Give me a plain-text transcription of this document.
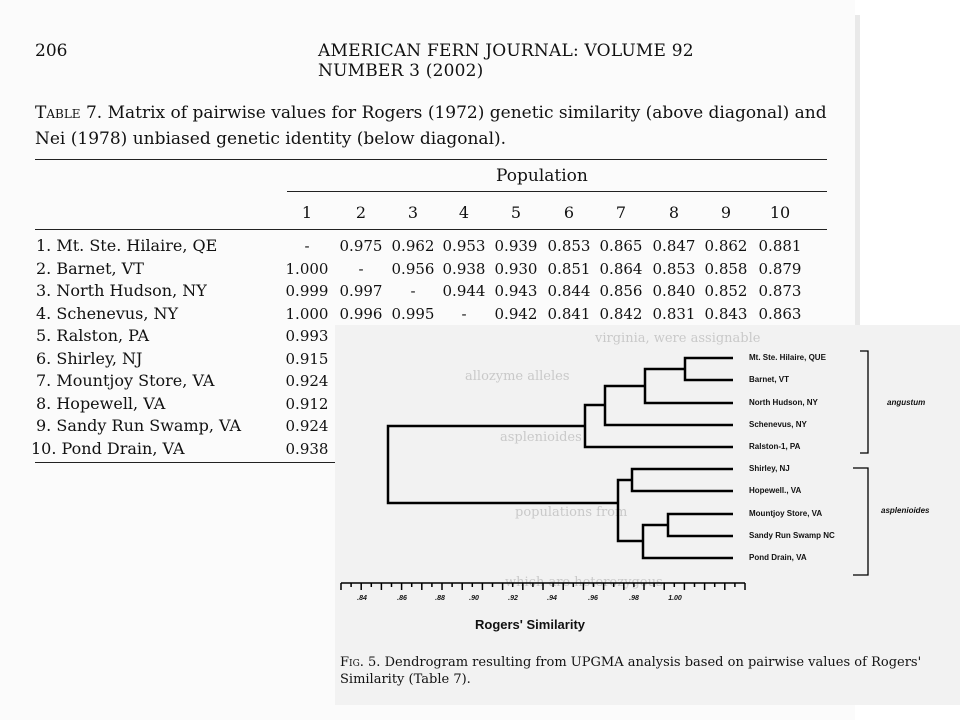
206	AMERICAN FERN JOURNAL: VOLUME 92 NUMBER 3 (2002)
Table 7. Matrix of pairwise values for Rogers (1972) genetic similarity (above diagonal) and Nei (1978) unbiased genetic identity (below diagonal).
Population
1	2	3	4	5	6	7	8	9	10
1. Mt. Ste. Hilaire, QE	-	0.975 0.962 0.953 0.939 0.853 0.865 0.847 0.862 0.881
2. Barnet, VT	1.000	-	0.956 0.938 0.930 0.851 0.864 0.853 0.858 0.879
3. North Hudson, NY	0.999 0.997	-	0.944 0.943 0.844 0.856 0.840 0.852 0.873
4. Schenevus, NY	1.000 0.996 0.995	-	0.942 0.841 0.842 0.831 0.843 0.863
5. Ralston, PA	0.993
6. Shirley, NJ	0.915
7. Mountjoy Store, VA	0.924
8. Hopewell, VA	0.912
9. Sandy Run Swamp, VA	0.924
10. Pond Drain, VA	0.938
virginia, were assignable
allozyme alleles
asplenioides
populations from
which are heterozygous
Mt. Ste. Hilaire, QUE
Barnet, VT
North Hudson, NY
Schenevus, NY
Ralston-1, PA
Shirley, NJ
Hopewell., VA
Mountjoy Store, VA
Sandy Run Swamp NC
Pond Drain, VA
angustum
asplenioides
.84	.86	.88	.90	.92	.94	.96	.98	1.00
Rogers' Similarity
Fig. 5. Dendrogram resulting from UPGMA analysis based on pairwise values of Rogers' Similarity (Table 7).
